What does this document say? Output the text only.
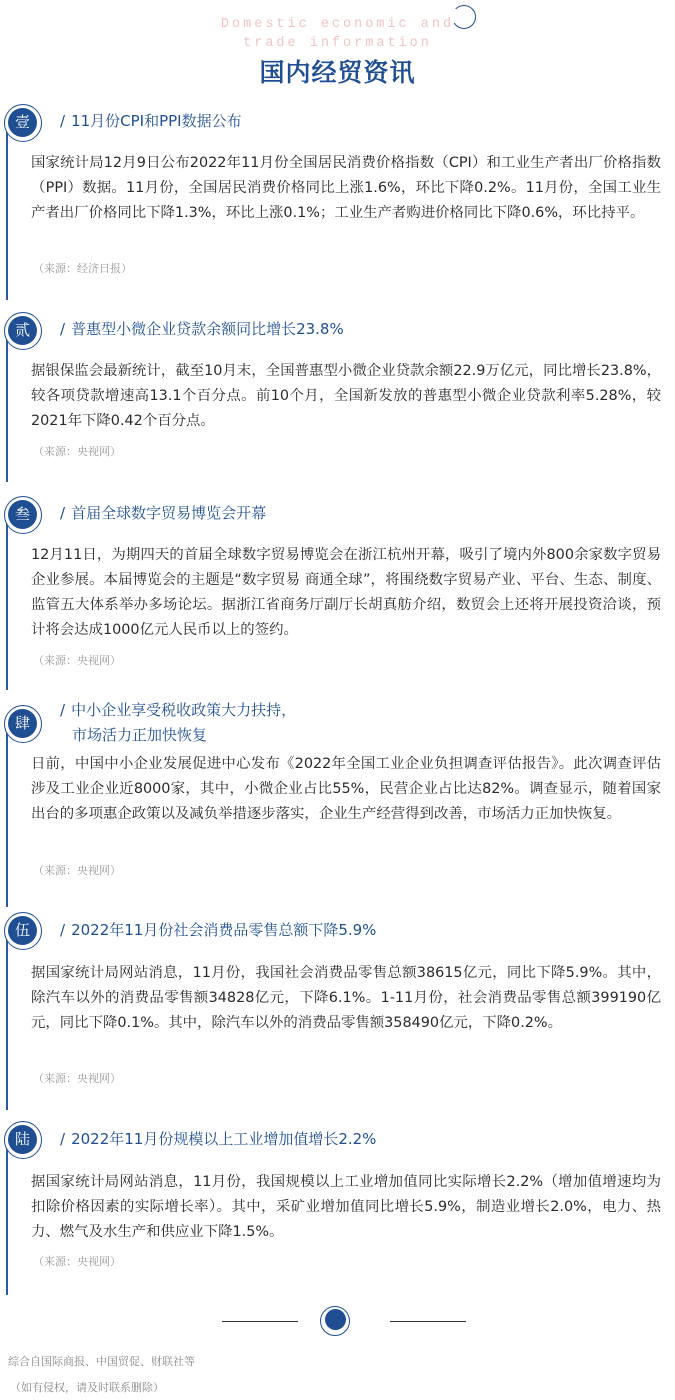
Domestic economic and
trade information
国内经贸资讯
壹	/ 11月份CPI和PPI数据公布
国家统计局12月9日公布2022年11月份全国居民消费价格指数（CPI）和工业生产者出厂价格指数（PPI）数据。11月份，全国居民消费价格同比上涨1.6%，环比下降0.2%。11月份，全国工业生产者出厂价格同比下降1.3%，环比上涨0.1%；工业生产者购进价格同比下降0.6%，环比持平。
（来源：经济日报）
贰	/ 普惠型小微企业贷款余额同比增长23.8%
据银保监会最新统计，截至10月末，全国普惠型小微企业贷款余额22.9万亿元，同比增长23.8%，较各项贷款增速高13.1个百分点。前10个月，全国新发放的普惠型小微企业贷款利率5.28%，较2021年下降0.42个百分点。
（来源：央视网）
叁	/ 首届全球数字贸易博览会开幕
12月11日，为期四天的首届全球数字贸易博览会在浙江杭州开幕，吸引了境内外800余家数字贸易企业参展。本届博览会的主题是“数字贸易 商通全球”，将围绕数字贸易产业、平台、生态、制度、监管五大体系举办多场论坛。据浙江省商务厅副厅长胡真舫介绍，数贸会上还将开展投资洽谈，预计将会达成1000亿元人民币以上的签约。
（来源：央视网）
肆
/ 中小企业享受税收政策大力扶持，
市场活力正加快恢复
日前，中国中小企业发展促进中心发布《2022年全国工业企业负担调查评估报告》。此次调查评估涉及工业企业近8000家，其中，小微企业占比55%，民营企业占比达82%。调查显示，随着国家出台的多项惠企政策以及减负举措逐步落实，企业生产经营得到改善，市场活力正加快恢复。
（来源：央视网）
伍	/ 2022年11月份社会消费品零售总额下降5.9%
据国家统计局网站消息，11月份，我国社会消费品零售总额38615亿元，同比下降5.9%。其中，除汽车以外的消费品零售额34828亿元，下降6.1%。1-11月份，社会消费品零售总额399190亿元，同比下降0.1%。其中，除汽车以外的消费品零售额358490亿元，下降0.2%。
（来源：央视网）
陆	/ 2022年11月份规模以上工业增加值增长2.2%
据国家统计局网站消息，11月份，我国规模以上工业增加值同比实际增长2.2%（增加值增速均为扣除价格因素的实际增长率）。其中，采矿业增加值同比增长5.9%，制造业增长2.0%，电力、热力、燃气及水生产和供应业下降1.5%。
（来源：央视网）
综合自国际商报、中国贸促、财联社等
（如有侵权，请及时联系删除）
